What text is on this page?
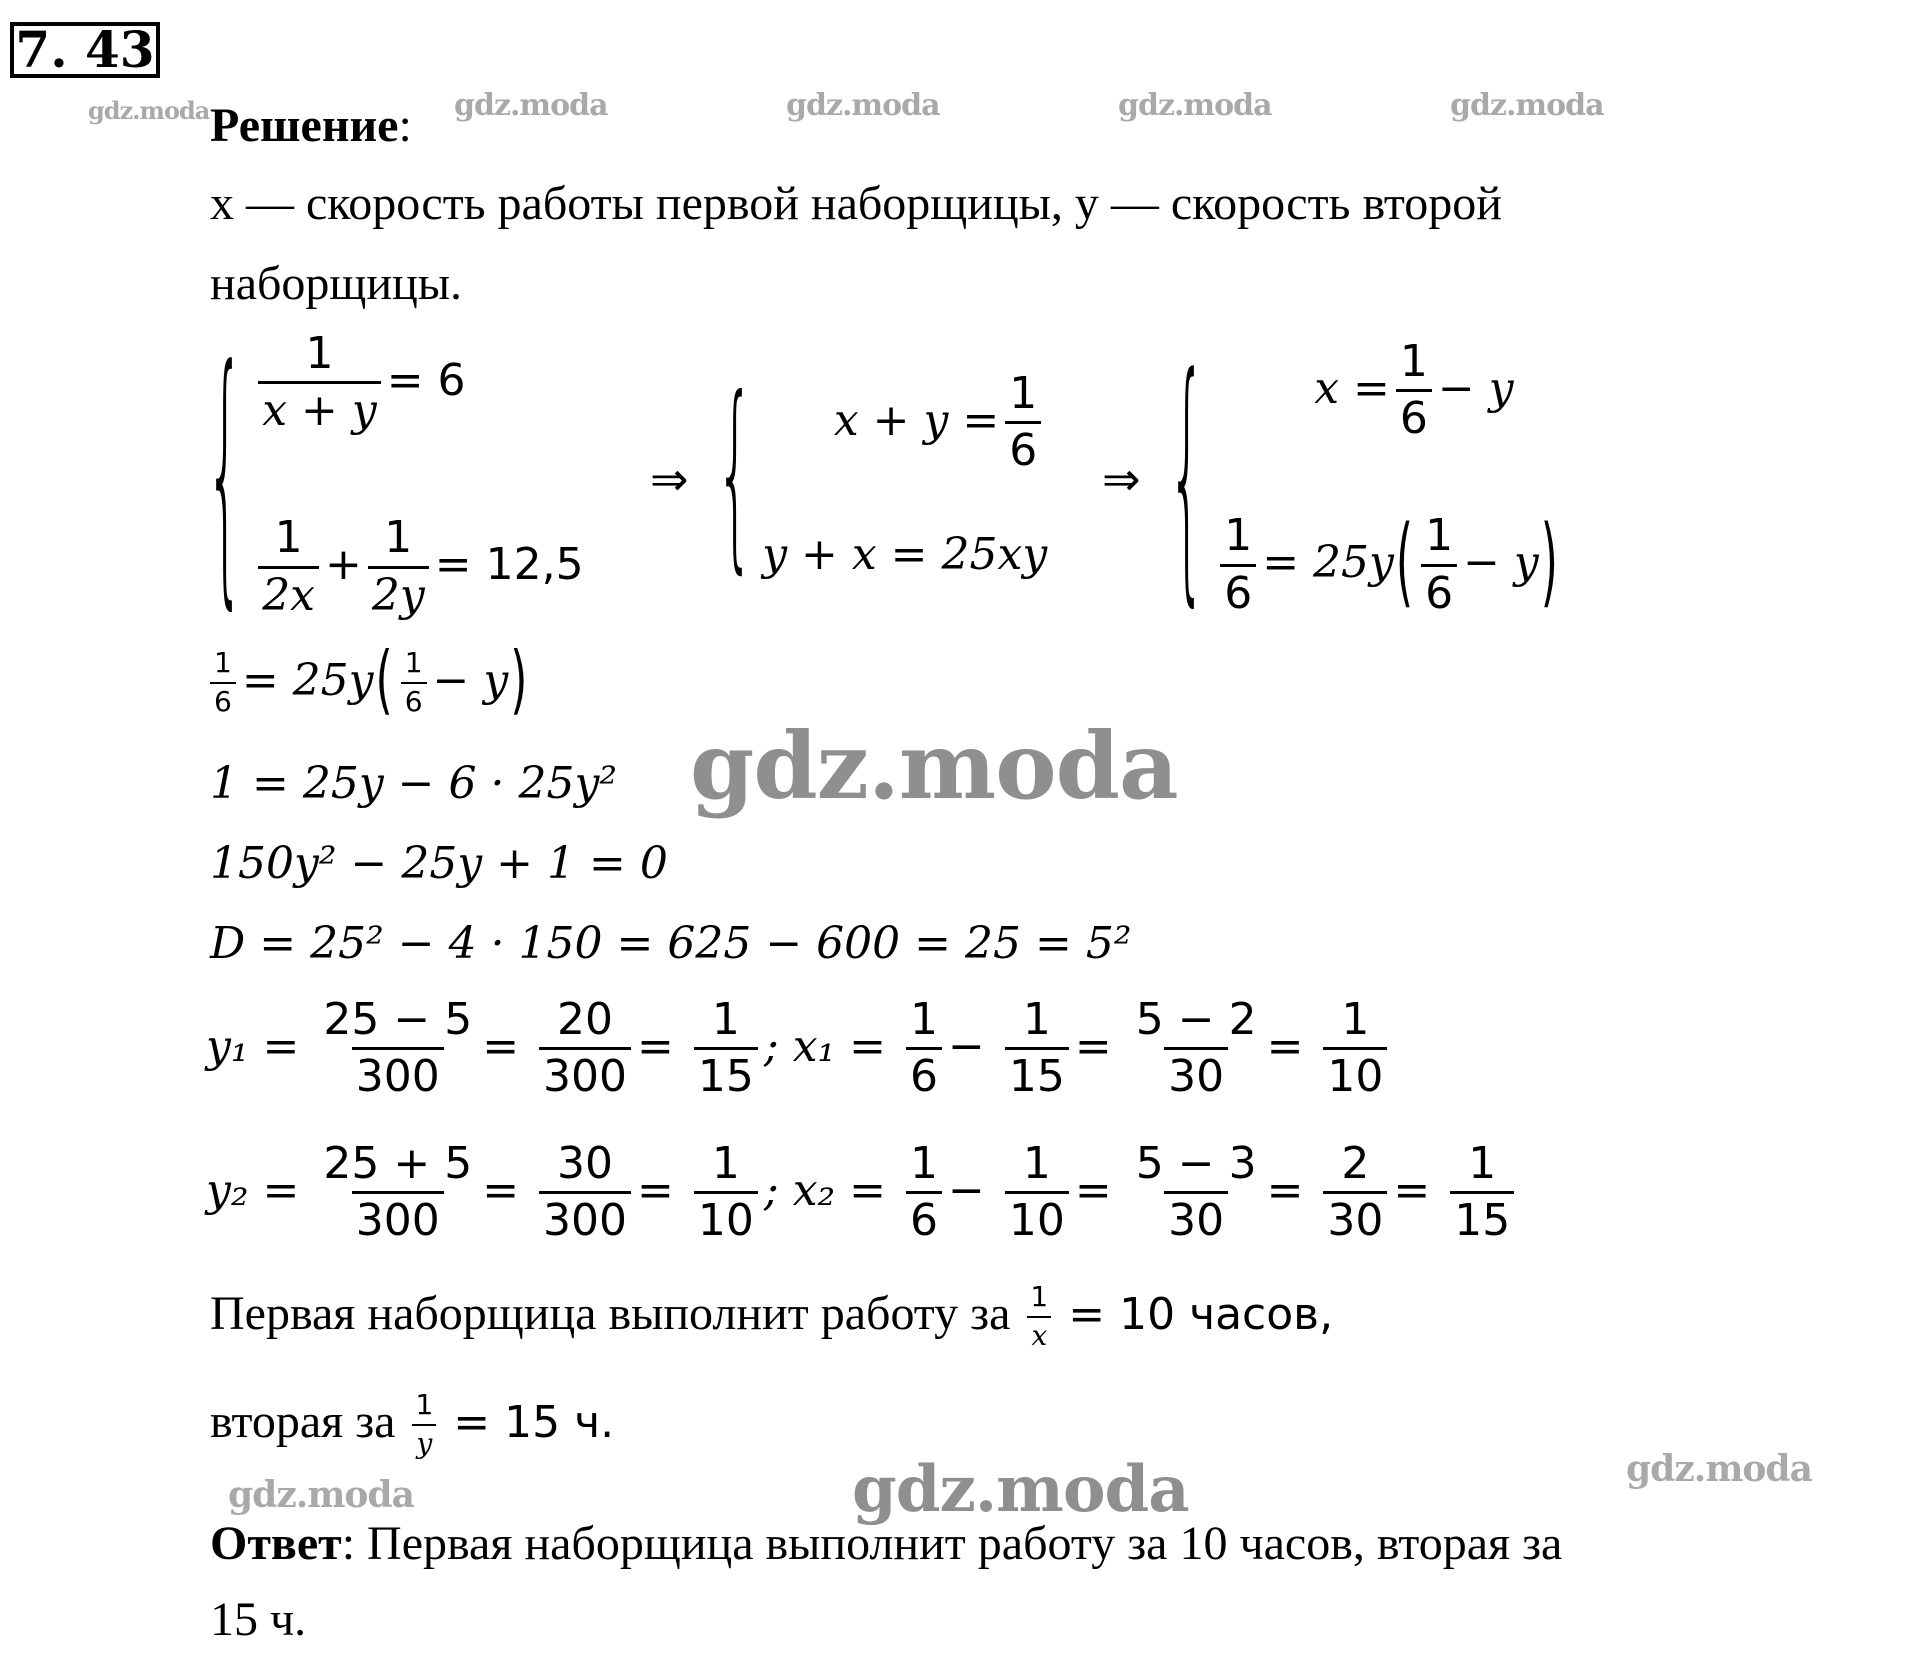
7. 43
gdz.moda	gdz.moda	gdz.moda	gdz.moda	gdz.moda
Решение:
x — скорость работы первой наборщицы, y — скорость второй
наборщицы.
{ $\frac{1}{x + y} = 6$
$\frac{1}{2x} + \frac{1}{2y} = 12,5$
⇒ { $x + y = \frac{1}{6}$
y + x = 25xy
⇒ {	$x = \frac{1}{6} - y$
$\frac{1}{6} = 25y( \frac{1}{6} - y)$
$\frac{1}{6} = 25y( \frac{1}{6} - y)$
gdz.moda
1 = 25y − 6 · 25y²
150y² − 25y + 1 = 0
D = 25² − 4 · 150 = 625 − 600 = 25 = 5²
$y_1 = \frac{25 - 5}{300} = \frac{20}{300} = \frac{1}{15}$ ; $x_1 = \frac{1}{6} - \frac{1}{15} = \frac{5 - 2}{30} = \frac{1}{10}$
$y_2 = \frac{25 + 5}{300} = \frac{30}{300} = \frac{1}{10}$ ; $x_2 = \frac{1}{6} - \frac{1}{10} = \frac{5 - 3}{30} = \frac{2}{30} = \frac{1}{15}$
Первая наборщица выполнит работу за $\frac{1}{x} = 10$ часов,
вторая за $\frac{1}{y} = 15$ ч.
gdz.moda	gdz.moda	gdz.moda
Ответ: Первая наборщица выполнит работу за 10 часов, вторая за
15 ч.
